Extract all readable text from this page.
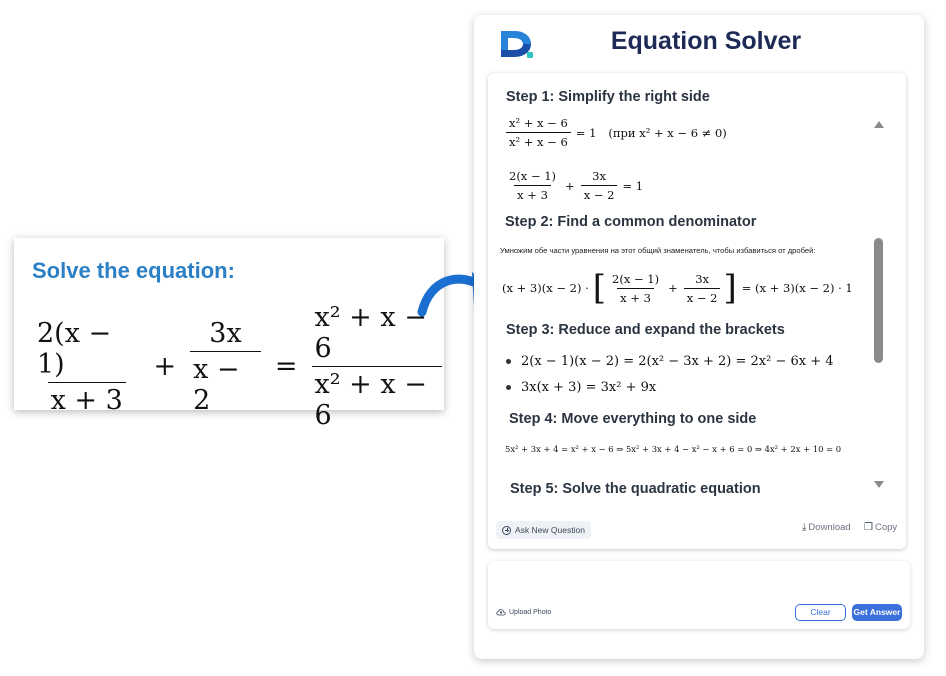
Solve the equation:
$\frac{2(x - 1)}{x + 3} + \frac{3x}{x - 2} = \frac{\text{x² + x − 6}}{\text{x² + x − 6}}$
Equation Solver
Step 1: Simplify the right side
$\frac{\text{x² + x − 6}}{\text{x² + x − 6}} = 1$ (при x² + x − 6 ≠ 0)
$\frac{2(x - 1)}{x + 3} + \frac{3x}{x - 2} = 1$
Step 2: Find a common denominator
Умножим обе части уравнения на этот общий знаменатель, чтобы избавиться от дробей:
(x + 3)(x − 2) · [ $\frac{2(x - 1)}{x + 3} + \frac{3x}{x - 2}$ ] = (x + 3)(x − 2) · 1
Step 3: Reduce and expand the brackets
2(x − 1)(x − 2) = 2(x² − 3x + 2) = 2x² − 6x + 4
3x(x + 3) = 3x² + 9x
Step 4: Move everything to one side
5x² + 3x + 4 = x² + x − 6 ⇒ 5x² + 3x + 4 − x² − x + 6 = 0 ⇒ 4x² + 2x + 10 = 0
Step 5: Solve the quadratic equation
Ask New Question	⤓ Download ❐ Copy
Upload Photo	Clear	Get Answer
